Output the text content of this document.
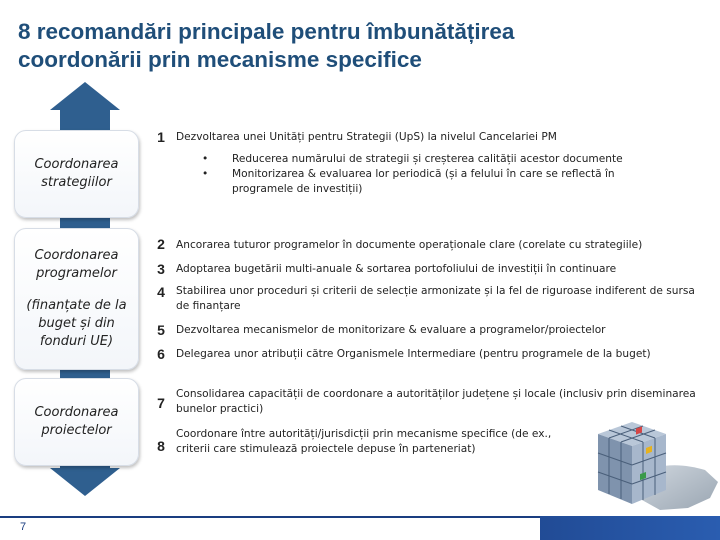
8 recomandări principale pentru îmbunătățirea
coordonării prin mecanisme specifice
Coordonarea strategiilor
Coordonarea programelor
(finanțate de la buget și din fonduri UE)
Coordonarea proiectelor
1	Dezvoltarea unei Unități pentru Strategii (UpS) la nivelul Cancelariei PM
• Reducerea numărului de strategii și creșterea calității acestor documente
• Monitorizarea & evaluarea lor periodică (și a felului în care se reflectă în programele de investiții)
2	Ancorarea tuturor programelor în documente operaționale clare (corelate cu strategiile)
3	Adoptarea bugetării multi-anuale & sortarea portofoliului de investiții în continuare
4	Stabilirea unor proceduri și criterii de selecție armonizate și la fel de riguroase indiferent de sursa de finanțare
5	Dezvoltarea mecanismelor de monitorizare & evaluare a programelor/proiectelor
6	Delegarea unor atribuții către Organismele Intermediare (pentru programele de la buget)
7
Consolidarea capacității de coordonare a autorităților județene și locale (inclusiv prin diseminarea bunelor practici)
8
Coordonare între autorități/jurisdicții prin mecanisme specifice (de ex., criterii care stimulează proiectele depuse în parteneriat)
7
